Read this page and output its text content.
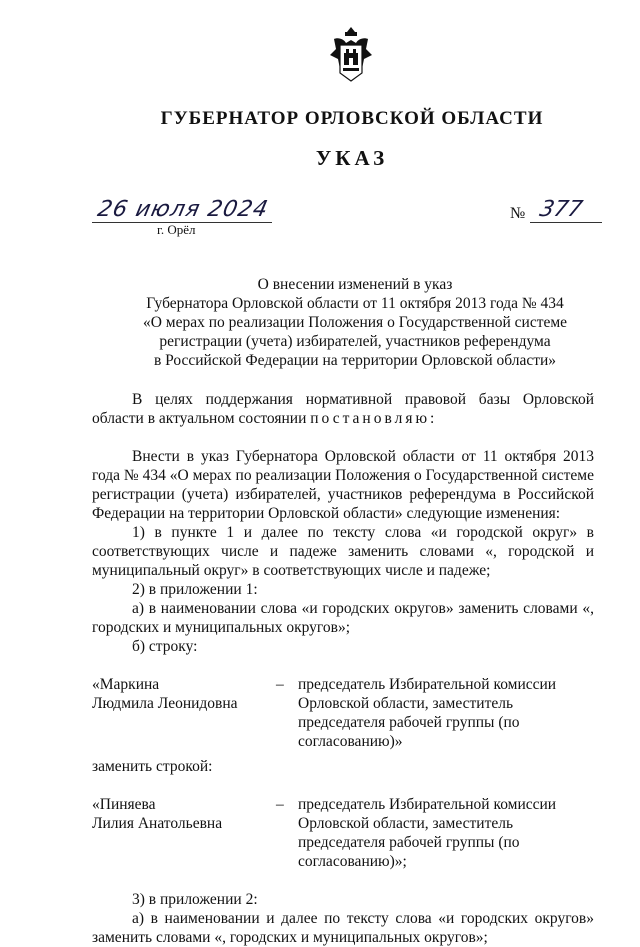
ГУБЕРНАТОР ОРЛОВСКОЙ ОБЛАСТИ
УКАЗ
26 июля 2024
г. Орёл
№ 377
О внесении изменений в указ
Губернатора Орловской области от 11 октября 2013 года № 434
«О мерах по реализации Положения о Государственной системе
регистрации (учета) избирателей, участников референдума
в Российской Федерации на территории Орловской области»
В целях поддержания нормативной правовой базы Орловской области в актуальном состоянии постановляю:
Внести в указ Губернатора Орловской области от 11 октября 2013 года № 434 «О мерах по реализации Положения о Государственной системе регистрации (учета) избирателей, участников референдума в Российской Федерации на территории Орловской области» следующие изменения:
1) в пункте 1 и далее по тексту слова «и городской округ» в соответствующих числе и падеже заменить словами «, городской и муниципальный округ» в соответствующих числе и падеже;
2) в приложении 1:
а) в наименовании слова «и городских округов» заменить словами «, городских и муниципальных округов»;
б) строку:
«Маркина
Людмила Леонидовна
– председатель Избирательной комиссии Орловской области, заместитель председателя рабочей группы (по согласованию)»
заменить строкой:
«Пиняева
Лилия Анатольевна
– председатель Избирательной комиссии Орловской области, заместитель председателя рабочей группы (по согласованию)»;
3) в приложении 2:
а) в наименовании и далее по тексту слова «и городских округов» заменить словами «, городских и муниципальных округов»;
